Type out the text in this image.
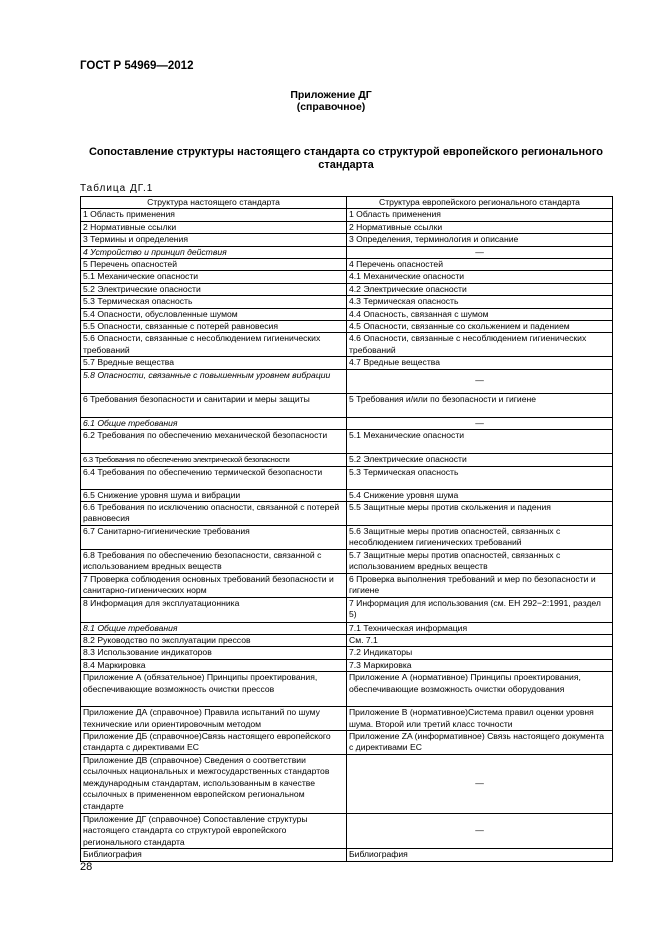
ГОСТ Р 54969—2012
Приложение ДГ
(справочное)
Сопоставление структуры настоящего стандарта со структурой европейского регионального стандарта
Таблица ДГ.1
Структура настоящего стандарта	Структура европейского регионального стандарта
1 Область применения	1 Область применения
2 Нормативные ссылки	2 Нормативные ссылки
3 Термины и определения	3 Определения, терминология и описание
4 Устройство и принцип действия	—
5 Перечень опасностей	4 Перечень опасностей
5.1 Механические опасности	4.1 Механические опасности
5.2 Электрические опасности	4.2 Электрические опасности
5.3 Термическая опасность	4.3 Термическая опасность
5.4 Опасности, обусловленные шумом	4.4 Опасность, связанная с шумом
5.5 Опасности, связанные с потерей равновесия	4.5 Опасности, связанные со скольжением и падением
5.6 Опасности, связанные с несоблюдением гигиенических требований	4.6 Опасности, связанные с несоблюдением гигиенических требований
5.7 Вредные вещества	4.7 Вредные вещества
5.8 Опасности, связанные с повышенным уровнем вибрации	—
6 Требования безопасности и санитарии и меры защиты	5 Требования и/или по безопасности и гигиене
6.1 Общие требования	—
6.2 Требования по обеспечению механической безопасности	5.1 Механические опасности
6.3 Требования по обеспечению электрической безопасности	5.2 Электрические опасности
6.4 Требования по обеспечению термической безопасности	5.3 Термическая опасность
6.5 Снижение уровня шума и вибрации	5.4 Снижение уровня шума
6.6 Требования по исключению опасности, связанной с потерей равновесия	5.5 Защитные меры против скольжения и падения
6.7 Санитарно-гигиенические требования	5.6 Защитные меры против опасностей, связанных с несоблюдением гигиенических требований
6.8 Требования по обеспечению безопасности, связанной с использованием вредных веществ	5.7 Защитные меры против опасностей, связанных с использованием вредных веществ
7 Проверка соблюдения основных требований безопасности и санитарно-гигиенических норм	6 Проверка выполнения требований и мер по безопасности и гигиене
8 Информация для эксплуатационника	7 Информация для использования (см. ЕН 292−2:1991, раздел 5)
8.1 Общие требования	7.1 Техническая информация
8.2 Руководство по эксплуатации прессов	См. 7.1
8.3 Использование индикаторов	7.2 Индикаторы
8.4 Маркировка	7.3 Маркировка
Приложение А (обязательное) Принципы проектирования, обеспечивающие возможность очистки прессов	Приложение А (нормативное) Принципы проектирования, обеспечивающие возможность очистки оборудования
Приложение ДА (справочное) Правила испытаний по шуму технические или ориентировочным методом	Приложение В (нормативное)Система правил оценки уровня шума. Второй или третий класс точности
Приложение ДБ (справочное)Связь настоящего европейского стандарта с директивами ЕС	Приложение ZA (информативное) Связь настоящего документа с директивами ЕС
Приложение ДВ (справочное) Сведения о соответствии ссылочных национальных и межгосударственных стандартов международным стандартам, использованным в качестве ссылочных в примененном европейском региональном стандарте	—
Приложение ДГ (справочное) Сопоставление структуры настоящего стандарта со структурой европейского регионального стандарта	—
Библиография	Библиография
28
